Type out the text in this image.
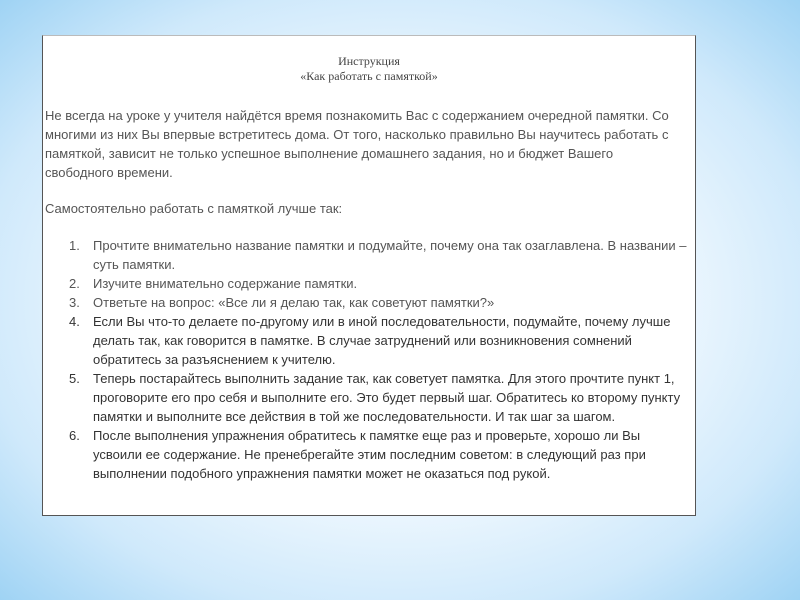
Инструкция
«Как работать с памяткой»

Не всегда на уроке у учителя найдётся время познакомить Вас с содержанием очередной памятки. Со многими из них Вы впервые встретитесь дома. От того, насколько правильно Вы научитесь работать с памяткой, зависит не только успешное выполнение домашнего задания, но и бюджет Вашего свободного времени.

Самостоятельно работать с памяткой лучше так:

1. Прочтите внимательно название памятки и подумайте, почему она так озаглавлена. В названии – суть памятки.
2. Изучите внимательно содержание памятки.
3. Ответьте на вопрос: «Все ли я делаю так, как советуют памятки?»
4. Если Вы что-то делаете по-другому или в иной последовательности, подумайте, почему лучше делать так, как говорится в памятке. В случае затруднений или возникновения сомнений обратитесь за разъяснением к учителю.
5. Теперь постарайтесь выполнить задание так, как советует памятка. Для этого прочтите пункт 1, проговорите его про себя и выполните его. Это будет первый шаг. Обратитесь ко второму пункту памятки и выполните все действия в той же последовательности. И так шаг за шагом.
6. После выполнения упражнения обратитесь к памятке еще раз и проверьте, хорошо ли Вы усвоили ее содержание. Не пренебрегайте этим последним советом: в следующий раз при выполнении подобного упражнения памятки может не оказаться под рукой.
